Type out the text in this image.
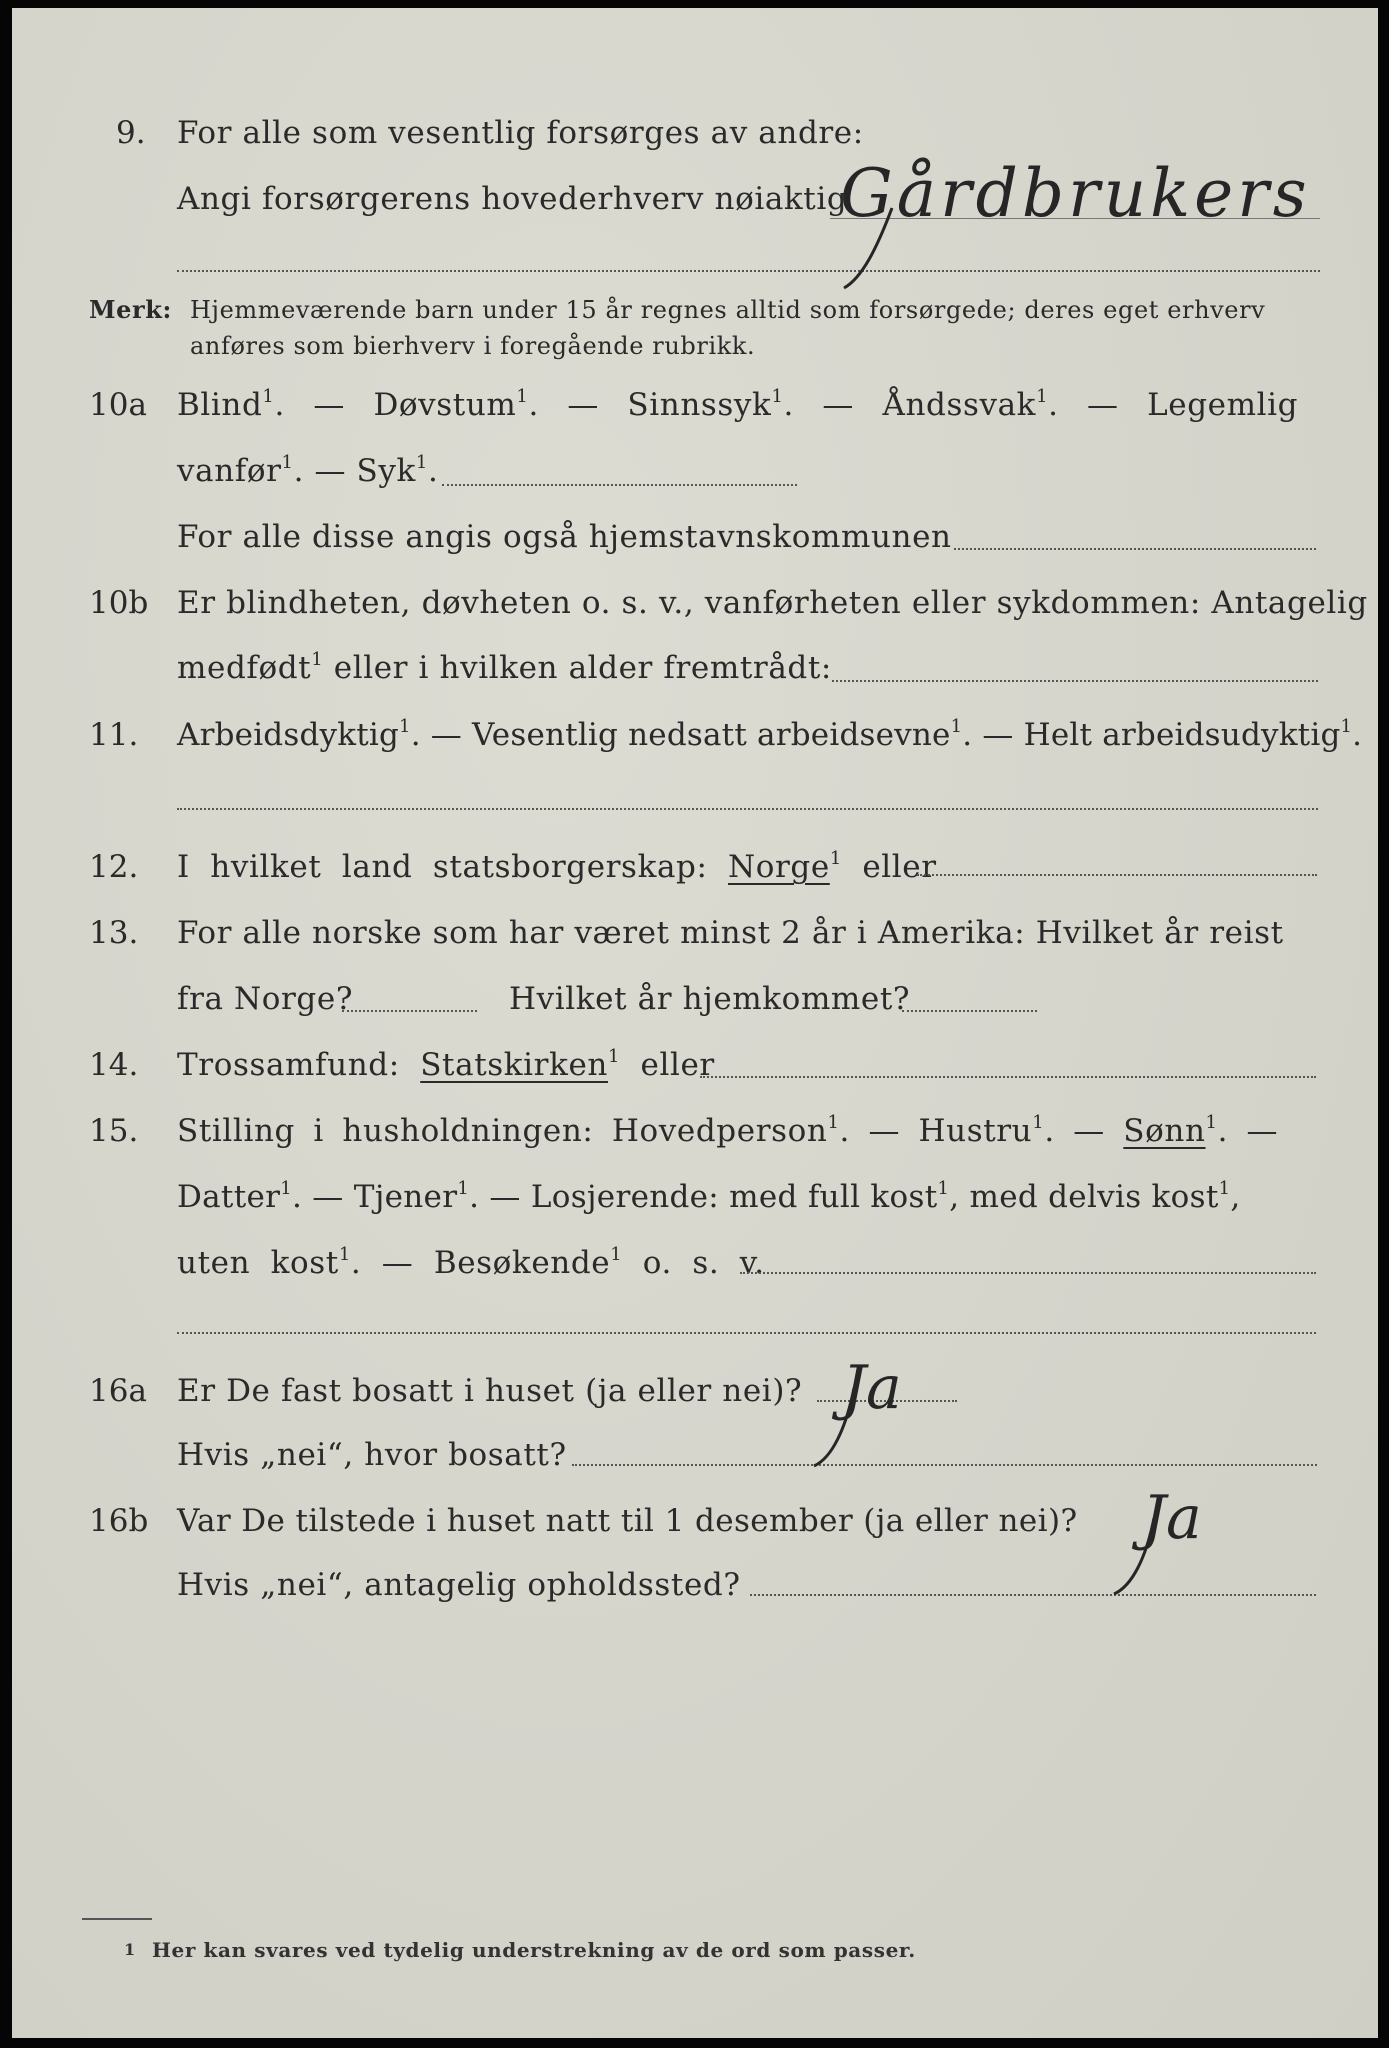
9. For alle som vesentlig forsørges av andre:
Angi forsørgerens hovederhverv nøiaktig
Gårdbrukers
Merk: Hjemmeværende barn under 15 år regnes alltid som forsørgede; deres eget erhverv
anføres som bierhverv i foregående rubrikk.
10a Blind$^1$. — Døvstum$^1$. — Sinnssyk$^1$. — Åndssvak$^1$. — Legemlig
vanfør$^1$. — Syk$^1$.
For alle disse angis også hjemstavnskommunen
10b Er blindheten, døvheten o. s. v., vanførheten eller sykdommen: Antagelig
medfødt$^1$ eller i hvilken alder fremtrådt:
11. Arbeidsdyktig$^1$. — Vesentlig nedsatt arbeidsevne$^1$. — Helt arbeidsudyktig$^1$.
12. I hvilket land statsborgerskap: Norge$^1$ eller
13. For alle norske som har været minst 2 år i Amerika: Hvilket år reist
fra Norge?	Hvilket år hjemkommet?
14. Trossamfund: Statskirken$^1$ eller
15. Stilling i husholdningen: Hovedperson$^1$. — Hustru$^1$. — Sønn$^1$. —
Datter$^1$. — Tjener$^1$. — Losjerende: med full kost$^1$, med delvis kost$^1$,
uten kost$^1$. — Besøkende$^1$ o. s. v.
16a Er De fast bosatt i huset (ja eller nei)?
Hvis „nei“, hvor bosatt?
Ja
16b Var De tilstede i huset natt til 1 desember (ja eller nei)?
Hvis „nei“, antagelig opholdssted?
Ja
1 Her kan svares ved tydelig understrekning av de ord som passer.
